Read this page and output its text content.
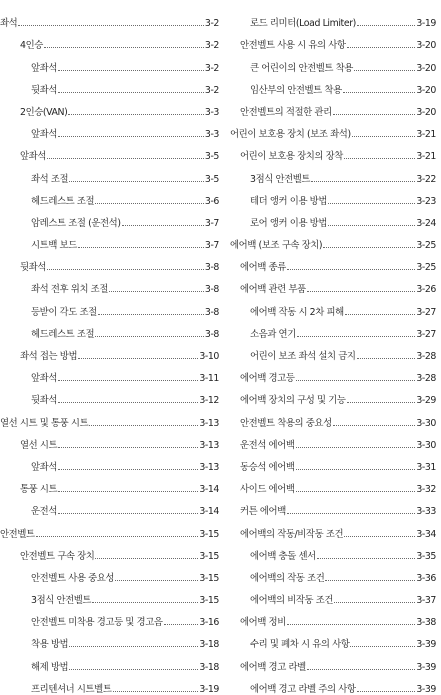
좌석	3-2
4인승	3-2
앞좌석	3-2
뒷좌석	3-2
2인승(VAN)	3-3
앞좌석	3-3
앞좌석	3-5
좌석 조절	3-5
헤드레스트 조절	3-6
암레스트 조절 (운전석)	3-7
시트백 보드	3-7
뒷좌석	3-8
좌석 전후 위치 조절	3-8
등받이 각도 조절	3-8
헤드레스트 조절	3-8
좌석 접는 방법	3-10
앞좌석	3-11
뒷좌석	3-12
열선 시트 및 통풍 시트	3-13
열선 시트	3-13
앞좌석	3-13
통풍 시트	3-14
운전석	3-14
안전벨트	3-15
안전벨트 구속 장치	3-15
안전벨트 사용 중요성	3-15
3점식 안전벨트	3-15
안전벨트 미착용 경고등 및 경고음	3-16
착용 방법	3-18
해제 방법	3-18
프리텐셔너 시트벨트	3-19
로드 리미터(Load Limiter)	3-19
안전벨트 사용 시 유의 사항	3-20
큰 어린이의 안전벨트 착용	3-20
임산부의 안전벨트 착용	3-20
안전벨트의 적절한 관리	3-20
어린이 보호용 장치 (보조 좌석)	3-21
어린이 보호용 장치의 장착	3-21
3점식 안전벨트	3-22
테더 앵커 이용 방법	3-23
로어 앵커 이용 방법	3-24
에어백 (보조 구속 장치)	3-25
에어백 종류	3-25
에어백 관련 부품	3-26
에어백 작동 시 2차 피해	3-27
소음과 연기	3-27
어린이 보조 좌석 설치 금지	3-28
에어백 경고등	3-28
에어백 장치의 구성 및 기능	3-29
안전벨트 착용의 중요성	3-30
운전석 에어백	3-30
동승석 에어백	3-31
사이드 에어백	3-32
커튼 에어백	3-33
에어백의 작동/비작동 조건	3-34
에어백 충돌 센서	3-35
에어백의 작동 조건	3-36
에어백의 비작동 조건	3-37
에어백 정비	3-38
수리 및 폐차 시 유의 사항	3-39
에어백 경고 라벨	3-39
에어백 경고 라벨 주의 사항	3-39
